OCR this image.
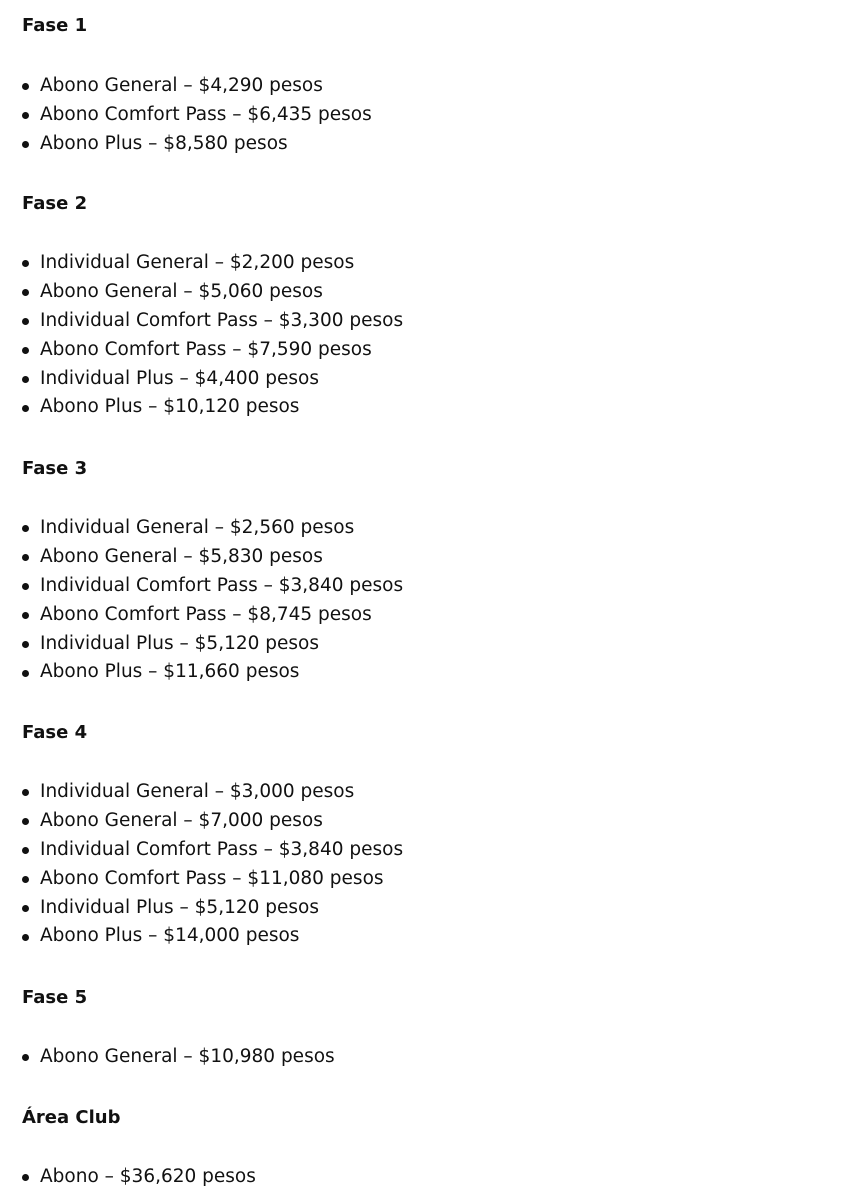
Fase 1
Abono General – $4,290 pesos
Abono Comfort Pass – $6,435 pesos
Abono Plus – $8,580 pesos
Fase 2
Individual General – $2,200 pesos
Abono General – $5,060 pesos
Individual Comfort Pass – $3,300 pesos
Abono Comfort Pass – $7,590 pesos
Individual Plus – $4,400 pesos
Abono Plus – $10,120 pesos
Fase 3
Individual General – $2,560 pesos
Abono General – $5,830 pesos
Individual Comfort Pass – $3,840 pesos
Abono Comfort Pass – $8,745 pesos
Individual Plus – $5,120 pesos
Abono Plus – $11,660 pesos
Fase 4
Individual General – $3,000 pesos
Abono General – $7,000 pesos
Individual Comfort Pass – $3,840 pesos
Abono Comfort Pass – $11,080 pesos
Individual Plus – $5,120 pesos
Abono Plus – $14,000 pesos
Fase 5
Abono General – $10,980 pesos
Área Club
Abono – $36,620 pesos
